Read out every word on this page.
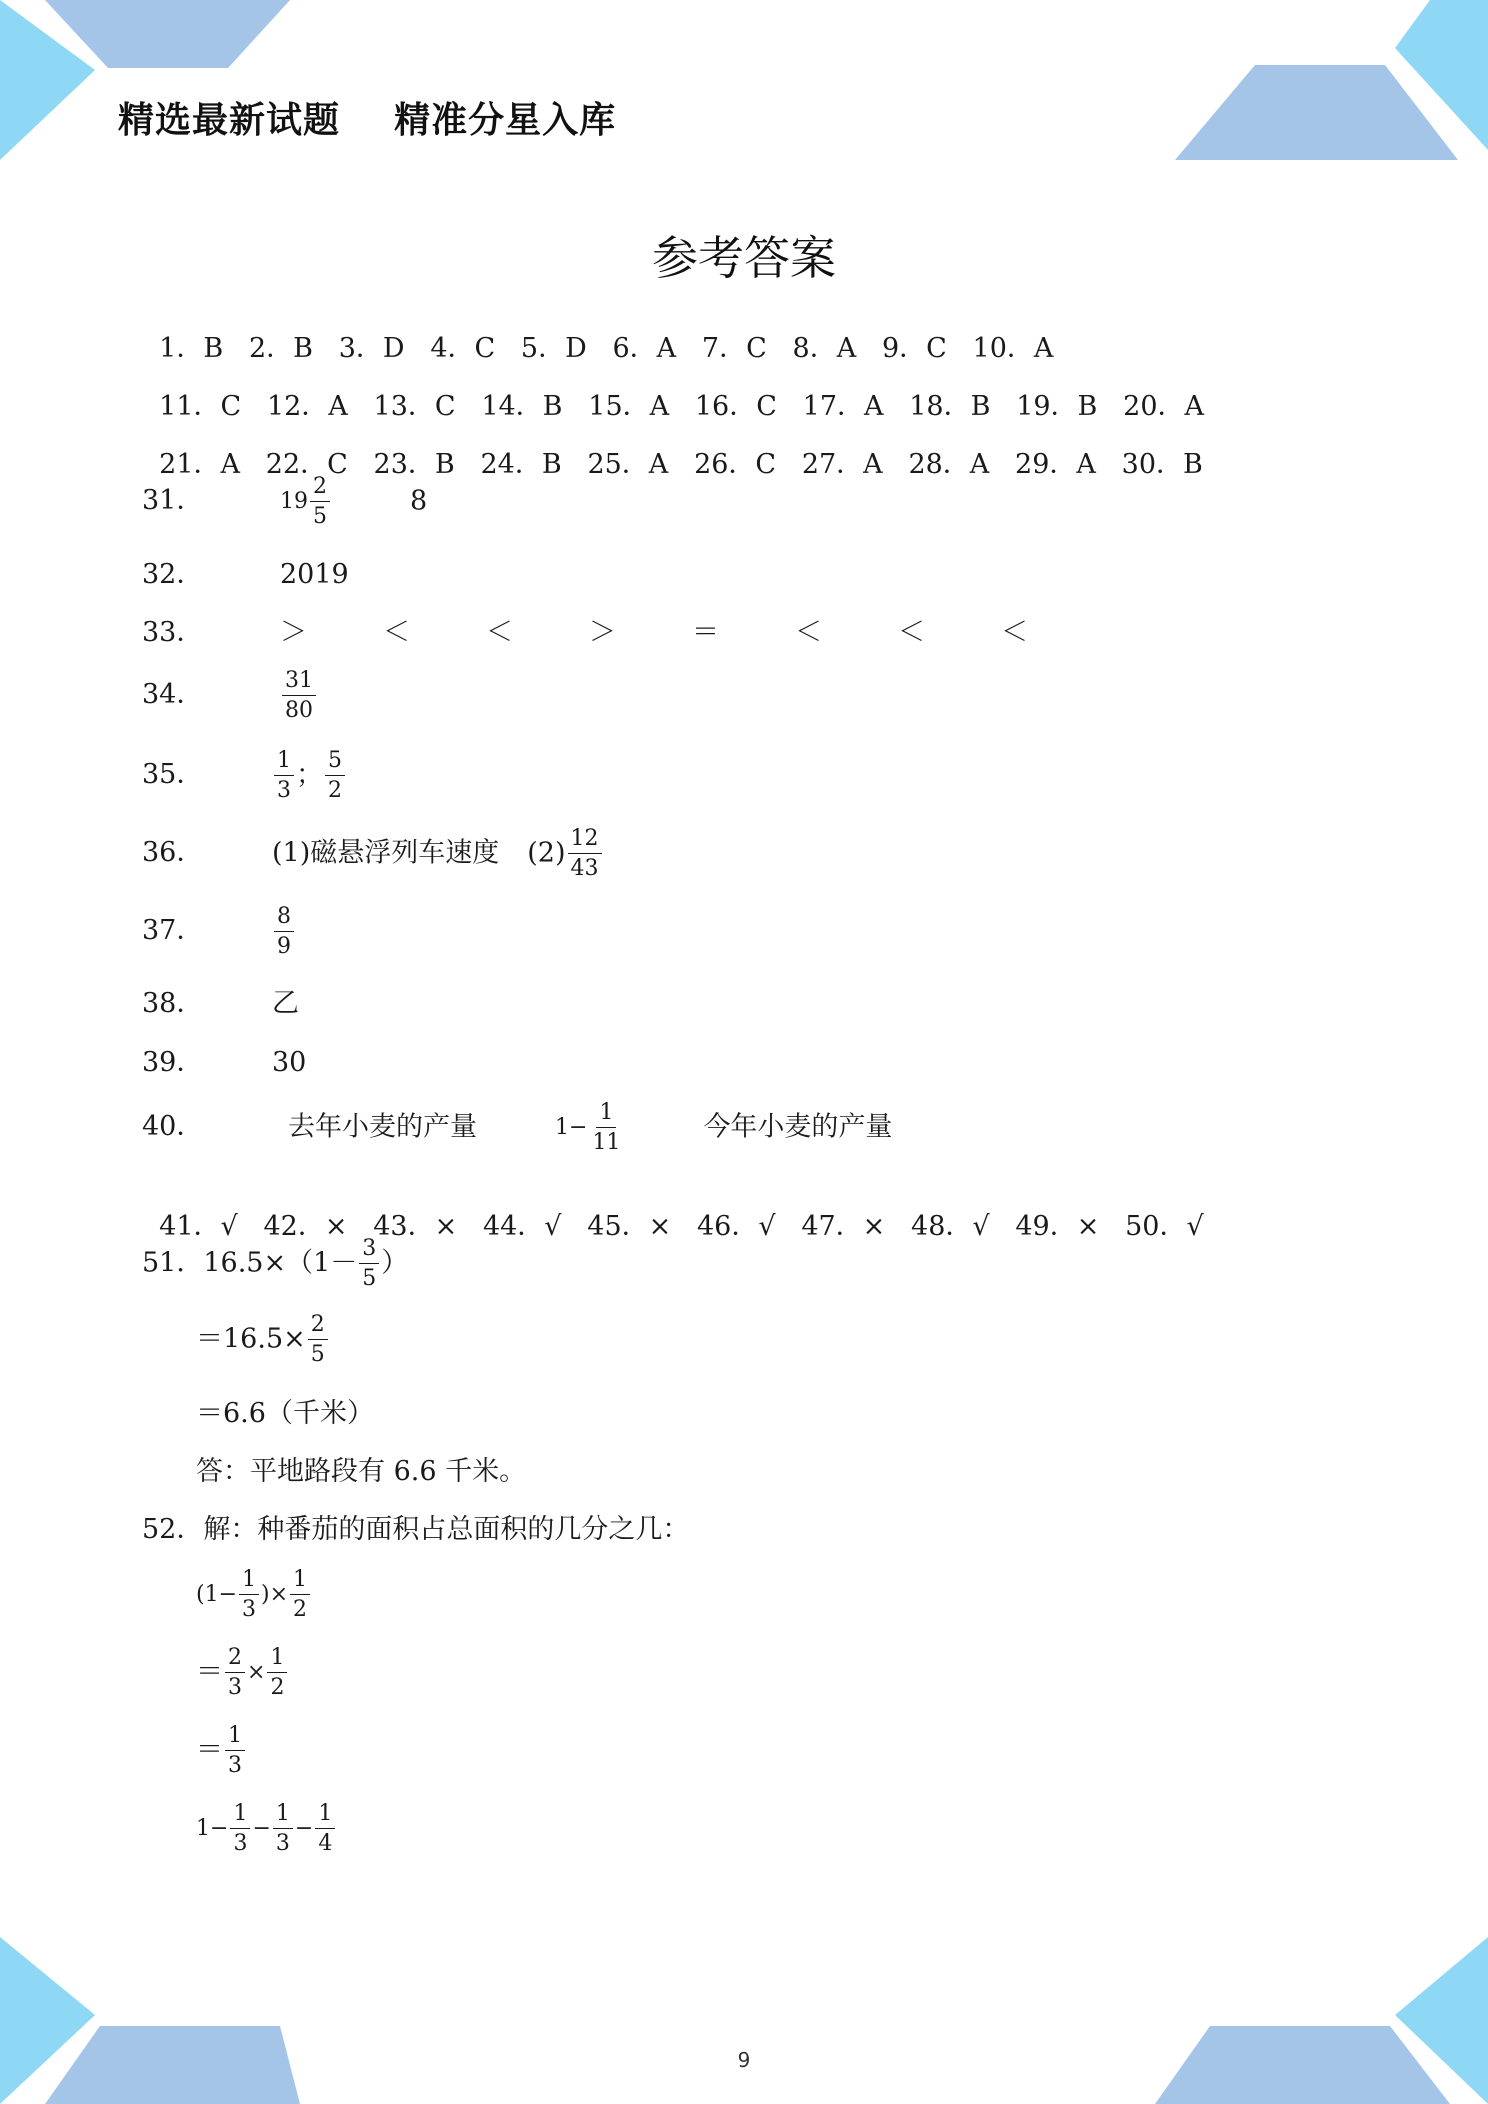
精选最新试题 精准分星入库
参考答案

1．B 2．B 3．D 4．C 5．D 6．A 7．C 8．A 9．C 10．A

11．C 12．A 13．C 14．B 15．A 16．C 17．A 18．B 19．B 20．A

21．A 22．C 23．B 24．B 25．A 26．C 27．A 28．A 29．A 30．B

31．	$19 \frac{2}{5}$	8
32．	2019
33．	＞	＜	＜	＞	＝	＜	＜	＜
34．	$\frac{31}{80}$
35．	$\frac{1}{3}$ ； $\frac{5}{2}$
36．	(1)磁悬浮列车速度 $(2) \frac{12}{43}$
37．	$\frac{8}{9}$
38．	乙
39．	30
40．	去年小麦的产量	$1- \frac{1}{11}$	今年小麦的产量

41．√ 42．× 43．× 44．√ 45．× 46．√ 47．× 48．√ 49．× 50．√

51．$16.5\times(1- \frac{3}{5}$ ）
$=16.5\times \frac{2}{5}$
＝6.6（千米）
答：平地路段有 6.6 千米。
52．解：种番茄的面积占总面积的几分之几：
($1- \frac{1}{3}$ )× $\frac{1}{2}$
＝ $\frac{2}{3} \times \frac{1}{2}$
＝ $\frac{1}{3}$
$1- \frac{1}{3} - \frac{1}{3} - \frac{1}{4}$
9
